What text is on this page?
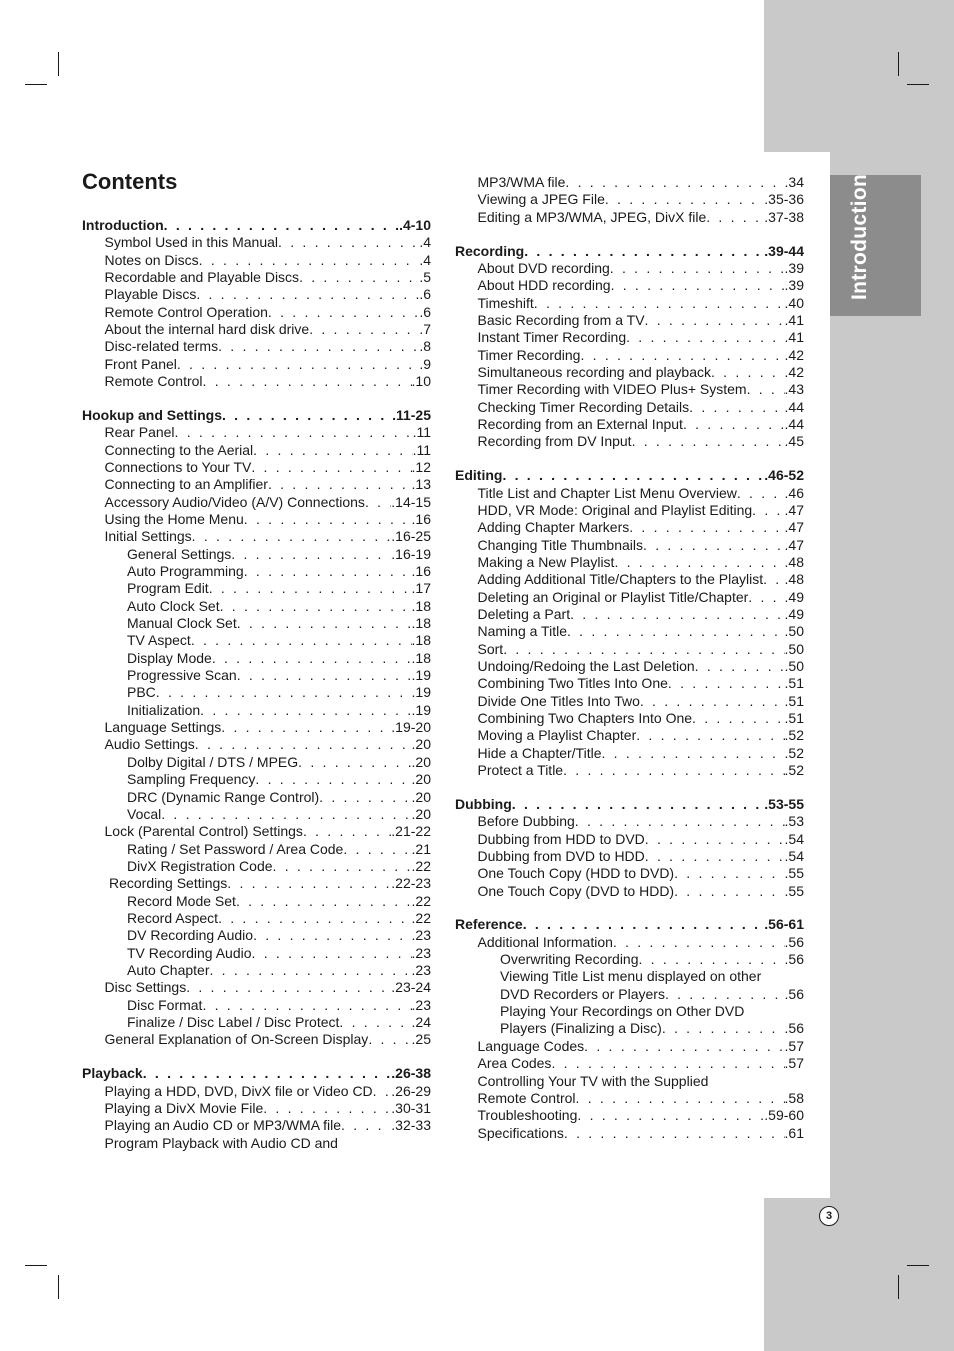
Introduction
3
Contents
Introduction . . .	.4-10
Symbol Used in this Manual . . .	.4
Notes on Discs . . .	.4
Recordable and Playable Discs . . .	.5
Playable Discs . . .	.6
Remote Control Operation . . .	.6
About the internal hard disk drive . . .	.7
Disc-related terms . . .	.8
Front Panel . . .	.9
Remote Control . . .	.10
Hookup and Settings . . .	.11-25
Rear Panel . . .	.11
Connecting to the Aerial . . .	.11
Connections to Your TV . . .	.12
Connecting to an Amplifier . . .	.13
Accessory Audio/Video (A/V) Connections . . . .14-15
Using the Home Menu . . .	.16
Initial Settings . . .	.16-25
General Settings . . .	.16-19
Auto Programming . . .	.16
Program Edit . . .	.17
Auto Clock Set . . .	.18
Manual Clock Set . . .	.18
TV Aspect . . .	.18
Display Mode . . .	.18
Progressive Scan . . .	.19
PBC . . .	.19
Initialization . . .	.19
Language Settings . . .	.19-20
Audio Settings . . .	.20
Dolby Digital / DTS / MPEG . . .	.20
Sampling Frequency . . .	.20
DRC (Dynamic Range Control) . . .	.20
Vocal . . .	.20
Lock (Parental Control) Settings . . .	.21-22
Rating / Set Password / Area Code . . .	.21
DivX Registration Code . . .	.22
Recording Settings . . .	.22-23
Record Mode Set . . .	.22
Record Aspect . . .	.22
DV Recording Audio . . .	.23
TV Recording Audio . . .	.23
Auto Chapter . . .	.23
Disc Settings . . .	.23-24
Disc Format . . .	.23
Finalize / Disc Label / Disc Protect . . .	.24
General Explanation of On-Screen Display . . .	.25
Playback . . .	.26-38
Playing a HDD, DVD, DivX file or Video CD . . . .26-29
Playing a DivX Movie File . . .	.30-31
Playing an Audio CD or MP3/WMA file . . .	.32-33
Program Playback with Audio CD and
MP3/WMA file . . .	.34
Viewing a JPEG File . . .	.35-36
Editing a MP3/WMA, JPEG, DivX file . . .	.37-38
Recording . . .	.39-44
About DVD recording . . .	.39
About HDD recording . . .	.39
Timeshift . . .	.40
Basic Recording from a TV . . .	.41
Instant Timer Recording . . .	.41
Timer Recording . . .	.42
Simultaneous recording and playback . . .	.42
Timer Recording with VIDEO Plus+ System . . .	.43
Checking Timer Recording Details . . .	.44
Recording from an External Input . . .	.44
Recording from DV Input . . .	.45
Editing . . .	.46-52
Title List and Chapter List Menu Overview . . .	.46
HDD, VR Mode: Original and Playlist Editing . . . .47
Adding Chapter Markers . . .	.47
Changing Title Thumbnails . . .	.47
Making a New Playlist . . .	.48
Adding Additional Title/Chapters to the Playlist . . . .48
Deleting an Original or Playlist Title/Chapter . . .	.49
Deleting a Part . . .	.49
Naming a Title . . .	.50
Sort . . .	.50
Undoing/Redoing the Last Deletion . . .	.50
Combining Two Titles Into One . . .	.51
Divide One Titles Into Two . . .	.51
Combining Two Chapters Into One . . .	.51
Moving a Playlist Chapter . . .	.52
Hide a Chapter/Title . . .	.52
Protect a Title . . .	.52
Dubbing . . .	.53-55
Before Dubbing . . .	.53
Dubbing from HDD to DVD . . .	.54
Dubbing from DVD to HDD . . .	.54
One Touch Copy (HDD to DVD) . . .	.55
One Touch Copy (DVD to HDD) . . .	.55
Reference . . .	.56-61
Additional Information . . .	.56
Overwriting Recording . . .	.56
Viewing Title List menu displayed on other
DVD Recorders or Players . . .	.56
Playing Your Recordings on Other DVD
Players (Finalizing a Disc) . . .	.56
Language Codes . . .	.57
Area Codes . . .	.57
Controlling Your TV with the Supplied
Remote Control . . .	.58
Troubleshooting . . .	.59-60
Specifications . . .	.61
